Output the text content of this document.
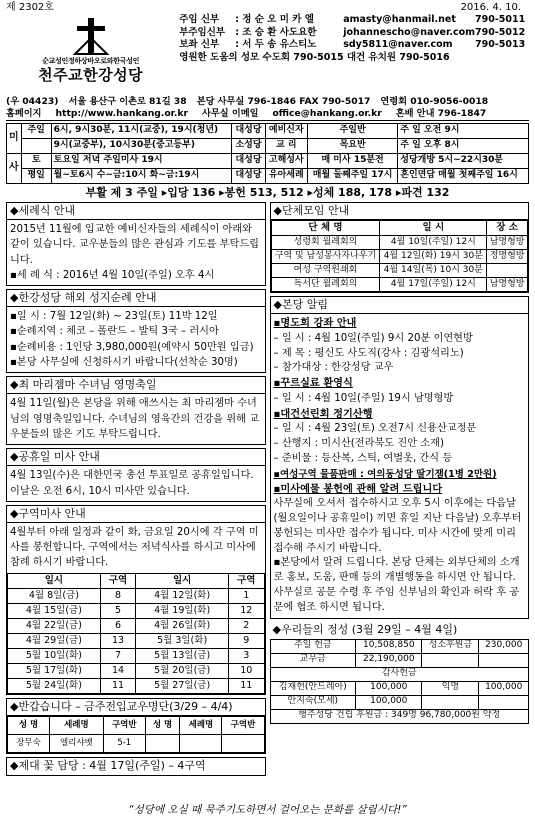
제 2302호	2016. 4. 10.
순교성인정하상바오로와한국성인
천주교한강성당
주임 신부	: 정 순 오 미 카 엘	amasty@hanmail.net	790-5011
부주임신부	: 조 승 환 사도요한	johannescho@naver.com 790-5012
보좌 신부	: 서 두 송 유스티노	sdy5811@naver.com	790-5013
영원한 도움의 성모 수도회 790-5015 대건 유치원 790-5016
(우 04423) 서울 용산구 이촌로 81길 38 본당 사무실 796-1846 FAX 790-5017 연령회 010-9056-0018
홈페이지 http://www.hankang.or.kr 사무실 이메일 office@hankang.or.kr 혼배 안내 796-1847
미	주일	6시, 9시30분, 11시(교중), 19시(청년)	대성당	예비신자	주일반	주 일 오전 9시
		9시(교중부), 10시30분(중고등부)	소성당	교 리	목요반	주 일 오후 8시
사	토	토요일 저녁 주일미사 19시	대성당	고해성사	매 미사 15분전	성당개방 5시~22시30분
	평일	월~토6시 수~금:10시 화~금:19시	대성당	유아세례	매월 둘째주일 17시	혼인면담 매월 첫째주일 16시
부활 제 3 주일 ▸입당 136 ▸봉헌 513, 512 ▸성체 188, 178 ▸파견 132
◆세례식 안내

2015년 11월에 입교한 예비신자들의 세례식이 아래와 같이 있습니다. 교우분들의 많은 관심과 기도를 부탁드립니다.

▪세 례 식 : 2016년 4월 10일(주일) 오후 4시

◆한강성당 해외 성지순례 안내

▪일 시 : 7월 12일(화) ~ 23일(토) 11박 12일

▪순례지역 : 체코 – 폴란드 – 발틱 3국 – 러시아

▪순례비용 : 1인당 3,980,000원(예약시 50만원 입금)

▪본당 사무실에 신청하시기 바랍니다(선착순 30명)

◆최 마리젬마 수녀님 영명축일

4월 11일(월)은 본당을 위해 애쓰시는 최 마리젬마 수녀님의 영명축일입니다. 수녀님의 영육간의 건강을 위해 교우분들의 많은 기도 부탁드립니다.

◆공휴일 미사 안내

4월 13일(수)은 대한민국 총선 투표일로 공휴일입니다. 이날은 오전 6시, 10시 미사만 있습니다.

◆구역미사 안내

4월부터 아래 일정과 같이 화, 금요일 20시에 각 구역 미사를 봉헌합니다. 구역에서는 저녁식사를 하시고 미사에 참례 하시기 바랍니다.

일시	구역	일시	구역
4월 8일(금)	8	4월 12일(화)	1
4월 15일(금)	5	4월 19일(화)	12
4월 22일(금)	6	4월 26일(화)	2
4월 29일(금)	13	5월 3일(화)	9
5월 10일(화)	7	5월 13일(금)	3
5월 17일(화)	14	5월 20일(금)	10
5월 24일(화)	11	5월 27일(금)	11
◆반갑습니다 – 금주전입교우명단(3/29 – 4/4)
성 명	세례명	구역반	성 명	세례명	구역반
장무숙	엘리샤벳	5-1			
◆제대 꽃 담당 : 4월 17일(주일) – 4구역
◆단체모임 안내
단 체 명	일 시	장 소
성령회 월례회의	4월 10일(주일) 12시	남명형방
구역 및 남성봉사자나우기	4월 12일(화) 19시 30분	정명형방
여성 구역원쇄회	4월 14일(목) 10시 30분	
독서단 월례회의	4월 17일(주일) 12시	남명형방
◆본당 알림
▪명도회 강좌 안내

– 일 시 : 4월 10일(주일) 9시 20분 이연현방

– 제 목 : 평신도 사도직(강사 : 김광석리노)

– 참가대상 : 한강성당 교우

▪꾸르실료 환영식

– 일 시 : 4월 10일(주일) 19시 남명형방

▪대건선린회 정기산행

– 일 시 : 4월 23일(토) 오전7시 신용산교정문

– 산행지 : 미시산(전라북도 진안 소재)

– 준비물 : 등산복, 스틱, 여벌옷, 간식 등

▪여성구역 물품판매 : 여의동성당 딸기잼(1병 2만원)
▪미사예물 봉헌에 관해 알려 드립니다

사무실에 오셔서 접수하시고 오후 5시 이후에는 다음날(월요일이나 공휴일이) 끼면 휴일 지난 다음날) 오후부터 봉헌되는 미사만 접수가 됩니다. 미사 시간에 맞게 미리 접수해 주시기 바랍니다.

▪본당에서 알려 드립니다. 본당 단체는 외부단체의 소개로 홍보, 도움, 판매 등의 개별행동을 하시면 안 됩니다. 사무실로 공문 수령 후 주임 신부님의 확인과 허락 후 공문에 협조 하시면 됩니다.

◆우리들의 정성 (3월 29일 – 4월 4일)
주일 헌금	10,508,850	성소후원금	230,000
교무금	22,190,000		
감사헌금			
김재헌(안드레아)	100,000	익명	100,000
안지숙(모세)	100,000		
행주성당 건립 후원금 : 349명 96,780,000원 약정			
“성당에 오실 때 묵주기도하면서 걸어오는 문화를 살립시다!”
